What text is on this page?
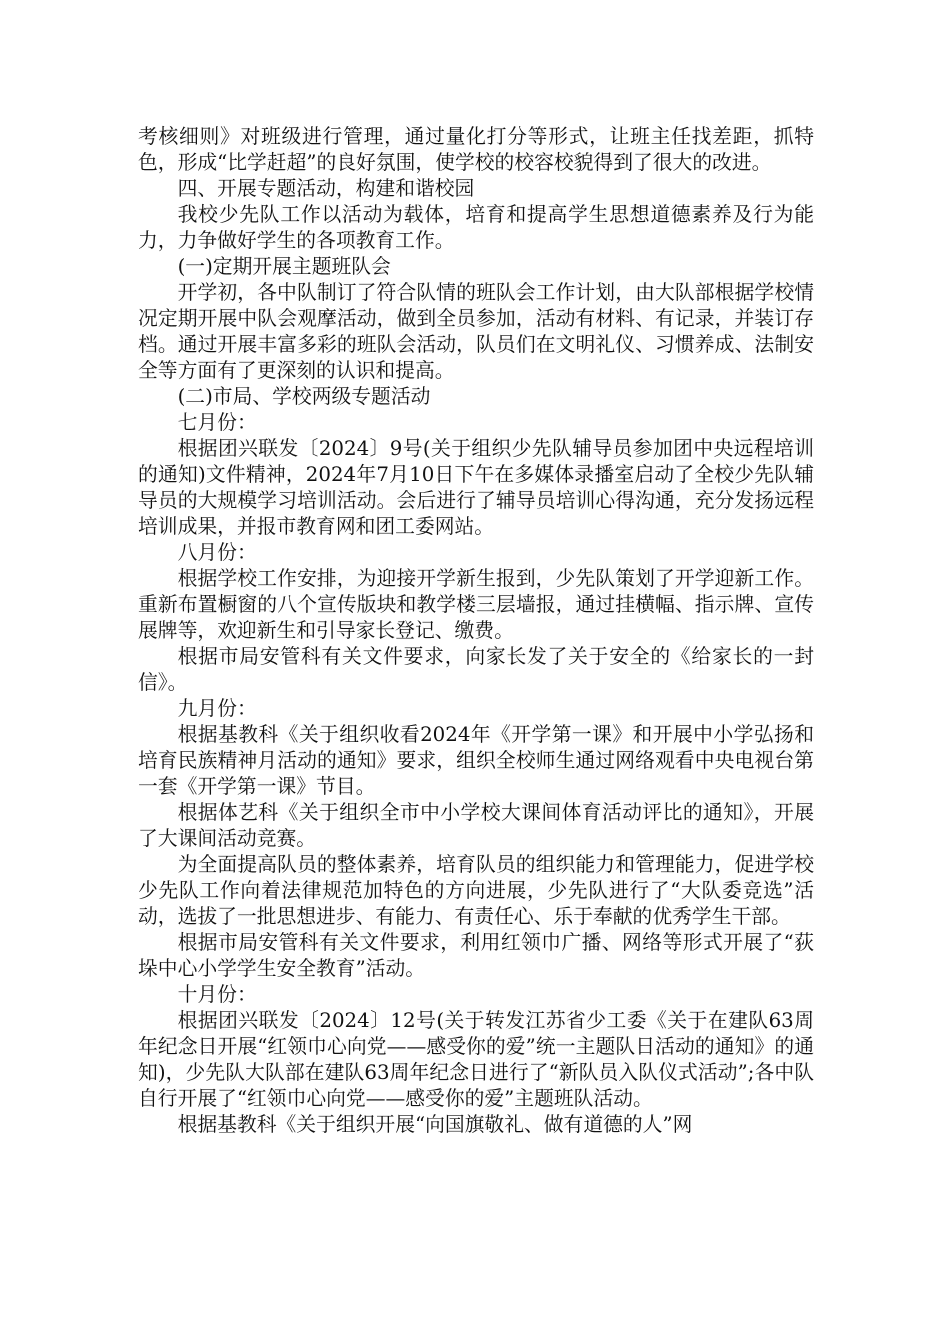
考核细则》对班级进行管理，通过量化打分等形式，让班主任找差距，抓特色，形成“比学赶超”的良好氛围，使学校的校容校貌得到了很大的改进。

四、开展专题活动，构建和谐校园

我校少先队工作以活动为载体，培育和提高学生思想道德素养及行为能力，力争做好学生的各项教育工作。

(一)定期开展主题班队会

开学初，各中队制订了符合队情的班队会工作计划，由大队部根据学校情况定期开展中队会观摩活动，做到全员参加，活动有材料、有记录，并装订存档。通过开展丰富多彩的班队会活动，队员们在文明礼仪、习惯养成、法制安全等方面有了更深刻的认识和提高。

(二)市局、学校两级专题活动

七月份：

根据团兴联发〔2024〕9号(关于组织少先队辅导员参加团中央远程培训的通知)文件精神，2024年7月10日下午在多媒体录播室启动了全校少先队辅导员的大规模学习培训活动。会后进行了辅导员培训心得沟通，充分发扬远程培训成果，并报市教育网和团工委网站。

八月份：

根据学校工作安排，为迎接开学新生报到，少先队策划了开学迎新工作。重新布置橱窗的八个宣传版块和教学楼三层墙报，通过挂横幅、指示牌、宣传展牌等，欢迎新生和引导家长登记、缴费。

根据市局安管科有关文件要求，向家长发了关于安全的《给家长的一封信》。

九月份：

根据基教科《关于组织收看2024年《开学第一课》和开展中小学弘扬和培育民族精神月活动的通知》要求，组织全校师生通过网络观看中央电视台第一套《开学第一课》节目。

根据体艺科《关于组织全市中小学校大课间体育活动评比的通知》，开展了大课间活动竞赛。

为全面提高队员的整体素养，培育队员的组织能力和管理能力，促进学校少先队工作向着法律规范加特色的方向进展，少先队进行了“大队委竞选”活动，选拔了一批思想进步、有能力、有责任心、乐于奉献的优秀学生干部。

根据市局安管科有关文件要求，利用红领巾广播、网络等形式开展了“荻垛中心小学学生安全教育”活动。

十月份：

根据团兴联发〔2024〕12号(关于转发江苏省少工委《关于在建队63周年纪念日开展“红领巾心向党——感受你的爱”统一主题队日活动的通知》的通知)，少先队大队部在建队63周年纪念日进行了“新队员入队仪式活动”;各中队自行开展了“红领巾心向党——感受你的爱”主题班队活动。

根据基教科《关于组织开展“向国旗敬礼、做有道德的人”网
